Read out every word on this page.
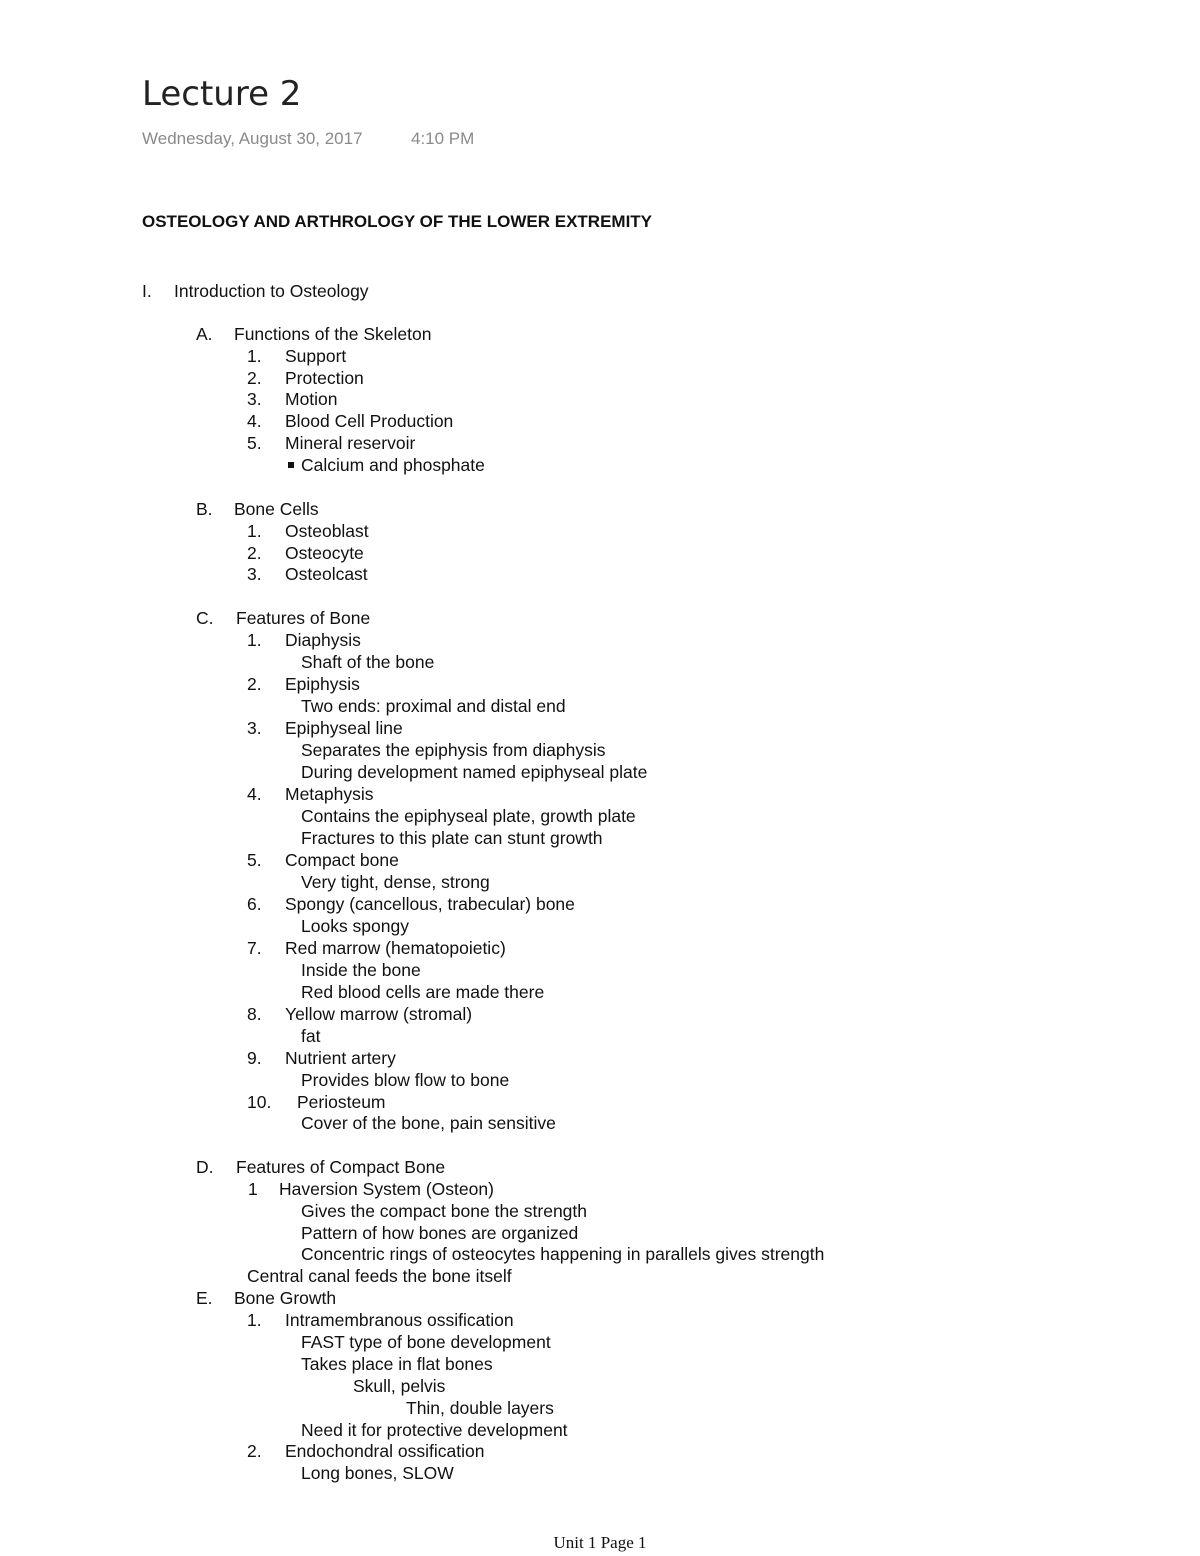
Lecture 2
Wednesday, August 30, 2017	4:10 PM
OSTEOLOGY AND ARTHROLOGY OF THE LOWER EXTREMITY
I. Introduction to Osteology
A. Functions of the Skeleton
1. Support
2. Protection
3. Motion
4. Blood Cell Production
5. Mineral reservoir
Calcium and phosphate
B. Bone Cells
1. Osteoblast
2. Osteocyte
3. Osteolcast
C. Features of Bone
1. Diaphysis
Shaft of the bone
2. Epiphysis
Two ends: proximal and distal end
3. Epiphyseal line
Separates the epiphysis from diaphysis
During development named epiphyseal plate
4. Metaphysis
Contains the epiphyseal plate, growth plate
Fractures to this plate can stunt growth
5. Compact bone
Very tight, dense, strong
6. Spongy (cancellous, trabecular) bone
Looks spongy
7. Red marrow (hematopoietic)
Inside the bone
Red blood cells are made there
8. Yellow marrow (stromal)
fat
9. Nutrient artery
Provides blow flow to bone
10. Periosteum
Cover of the bone, pain sensitive
D. Features of Compact Bone
1 Haversion System (Osteon)
Gives the compact bone the strength
Pattern of how bones are organized
Concentric rings of osteocytes happening in parallels gives strength
Central canal feeds the bone itself
E. Bone Growth
1. Intramembranous ossification
FAST type of bone development
Takes place in flat bones
Skull, pelvis
Thin, double layers
Need it for protective development
2. Endochondral ossification
Long bones, SLOW
Unit 1 Page 1
